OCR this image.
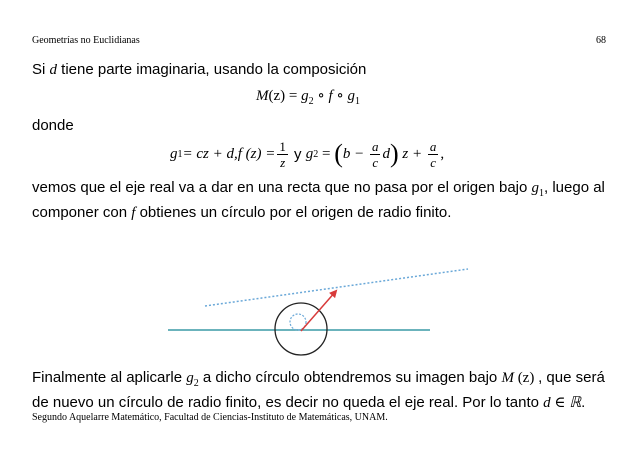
Geometrías no Euclidianas	68
Si d tiene parte imaginaria, usando la composición
$M(z) = g_2$ ∘ f ∘ $g_1$
donde
g 1 = cz + d, f $(z) = \frac{1}{z}$ y g 2 = ( $b - \frac{a}{c}$ d ) $z + \frac{a}{c}$ ,
vemos que el eje real va a dar en una recta que no pasa por el origen bajo $g_1$, luego al
componer con f obtienes un círculo por el origen de radio finito.
Finalmente al aplicarle $g_2$ a dicho círculo obtendremos su imagen bajo M (z) , que será
de nuevo un círculo de radio finito, es decir no queda el eje real. Por lo tanto d ∈ ℝ.
Segundo Aquelarre Matemático, Facultad de Ciencias-Instituto de Matemáticas, UNAM.
